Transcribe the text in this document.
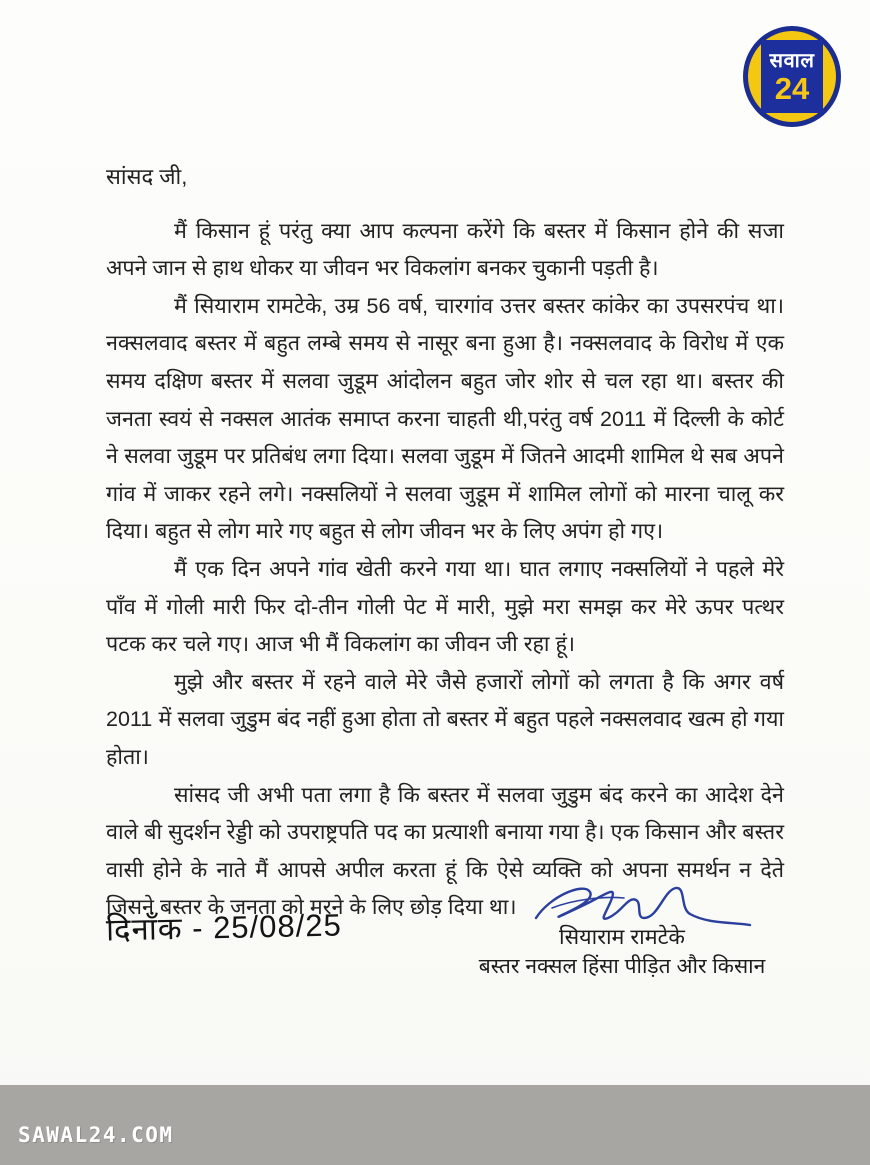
सवाल
24

सांसद जी,

मैं किसान हूं परंतु क्या आप कल्पना करेंगे कि बस्तर में किसान होने की सजा अपने जान से हाथ धोकर या जीवन भर विकलांग बनकर चुकानी पड़ती है।

मैं सियाराम रामटेके, उम्र 56 वर्ष, चारगांव उत्तर बस्तर कांकेर का उपसरपंच था। नक्सलवाद बस्तर में बहुत लम्बे समय से नासूर बना हुआ है। नक्सलवाद के विरोध में एक समय दक्षिण बस्तर में सलवा जुडूम आंदोलन बहुत जोर शोर से चल रहा था। बस्तर की जनता स्वयं से नक्सल आतंक समाप्त करना चाहती थी,परंतु वर्ष 2011 में दिल्ली के कोर्ट ने सलवा जुडूम पर प्रतिबंध लगा दिया। सलवा जुडूम में जितने आदमी शामिल थे सब अपने गांव में जाकर रहने लगे। नक्सलियों ने सलवा जुडूम में शामिल लोगों को मारना चालू कर दिया। बहुत से लोग मारे गए बहुत से लोग जीवन भर के लिए अपंग हो गए।

मैं एक दिन अपने गांव खेती करने गया था। घात लगाए नक्सलियों ने पहले मेरे पाँव में गोली मारी फिर दो-तीन गोली पेट में मारी, मुझे मरा समझ कर मेरे ऊपर पत्थर पटक कर चले गए। आज भी मैं विकलांग का जीवन जी रहा हूं।

मुझे और बस्तर में रहने वाले मेरे जैसे हजारों लोगों को लगता है कि अगर वर्ष 2011 में सलवा जुडुम बंद नहीं हुआ होता तो बस्तर में बहुत पहले नक्सलवाद खत्म हो गया होता।

सांसद जी अभी पता लगा है कि बस्तर में सलवा जुडुम बंद करने का आदेश देने वाले बी सुदर्शन रेड्डी को उपराष्ट्रपति पद का प्रत्याशी बनाया गया है। एक किसान और बस्तर वासी होने के नाते मैं आपसे अपील करता हूं कि ऐसे व्यक्ति को अपना समर्थन न देते जिसने बस्तर के जनता को मरने के लिए छोड़ दिया था।

दिनाँक - 25/08/25	सियाराम रामटेके
बस्तर नक्सल हिंसा पीड़ित और किसान
SAWAL24.COM
